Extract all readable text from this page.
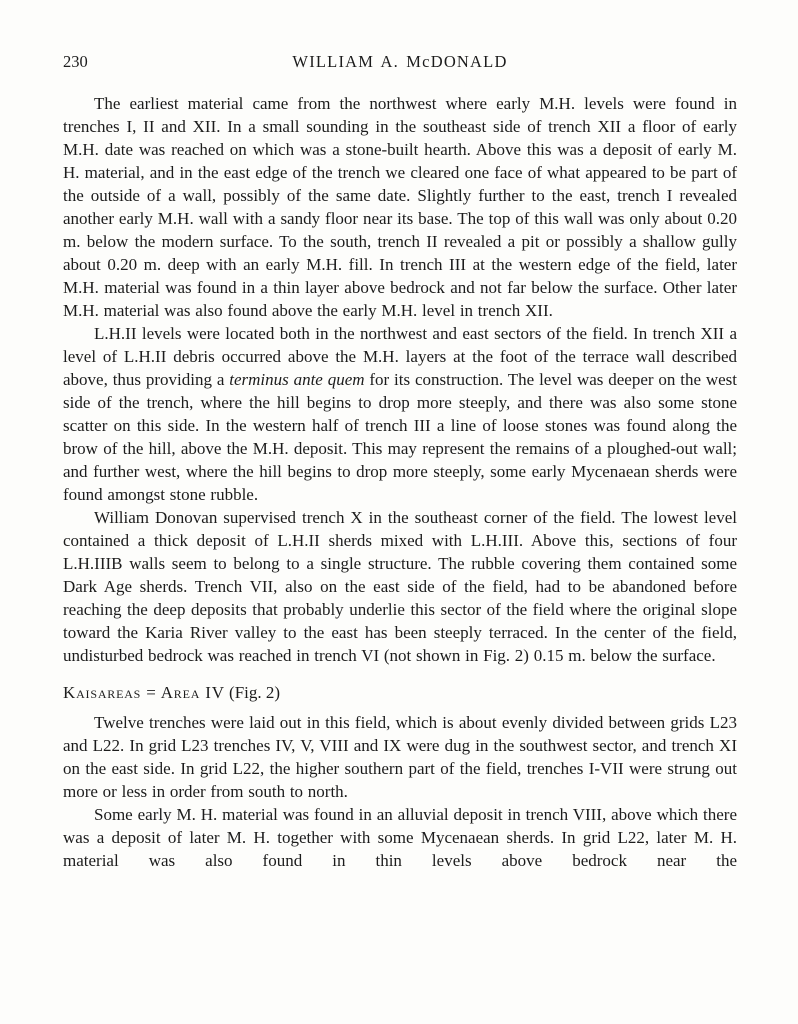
230	WILLIAM A. McDONALD

The earliest material came from the northwest where early M.H. levels were found in trenches I, II and XII. In a small sounding in the southeast side of trench XII a floor of early M.H. date was reached on which was a stone-built hearth. Above this was a deposit of early M. H. material, and in the east edge of the trench we cleared one face of what appeared to be part of the outside of a wall, possibly of the same date. Slightly further to the east, trench I revealed another early M.H. wall with a sandy floor near its base. The top of this wall was only about 0.20 m. below the modern surface. To the south, trench II revealed a pit or possibly a shallow gully about 0.20 m. deep with an early M.H. fill. In trench III at the western edge of the field, later M.H. material was found in a thin layer above bedrock and not far below the surface. Other later M.H. material was also found above the early M.H. level in trench XII.

L.H.II levels were located both in the northwest and east sectors of the field. In trench XII a level of L.H.II debris occurred above the M.H. layers at the foot of the terrace wall described above, thus providing a terminus ante quem for its construction. The level was deeper on the west side of the trench, where the hill begins to drop more steeply, and there was also some stone scatter on this side. In the western half of trench III a line of loose stones was found along the brow of the hill, above the M.H. deposit. This may represent the remains of a ploughed-out wall; and further west, where the hill begins to drop more steeply, some early Mycenaean sherds were found amongst stone rubble.

William Donovan supervised trench X in the southeast corner of the field. The lowest level contained a thick deposit of L.H.II sherds mixed with L.H.III. Above this, sections of four L.H.IIIB walls seem to belong to a single structure. The rubble covering them contained some Dark Age sherds. Trench VII, also on the east side of the field, had to be abandoned before reaching the deep deposits that probably underlie this sector of the field where the original slope toward the Karia River valley to the east has been steeply terraced. In the center of the field, undisturbed bedrock was reached in trench VI (not shown in Fig. 2) 0.15 m. below the surface.

Kaisareas = Area IV (Fig. 2)

Twelve trenches were laid out in this field, which is about evenly divided between grids L23 and L22. In grid L23 trenches IV, V, VIII and IX were dug in the southwest sector, and trench XI on the east side. In grid L22, the higher southern part of the field, trenches I-VII were strung out more or less in order from south to north.

Some early M. H. material was found in an alluvial deposit in trench VIII, above which there was a deposit of later M. H. together with some Mycenaean sherds. In grid L22, later M. H. material was also found in thin levels above bedrock near the
